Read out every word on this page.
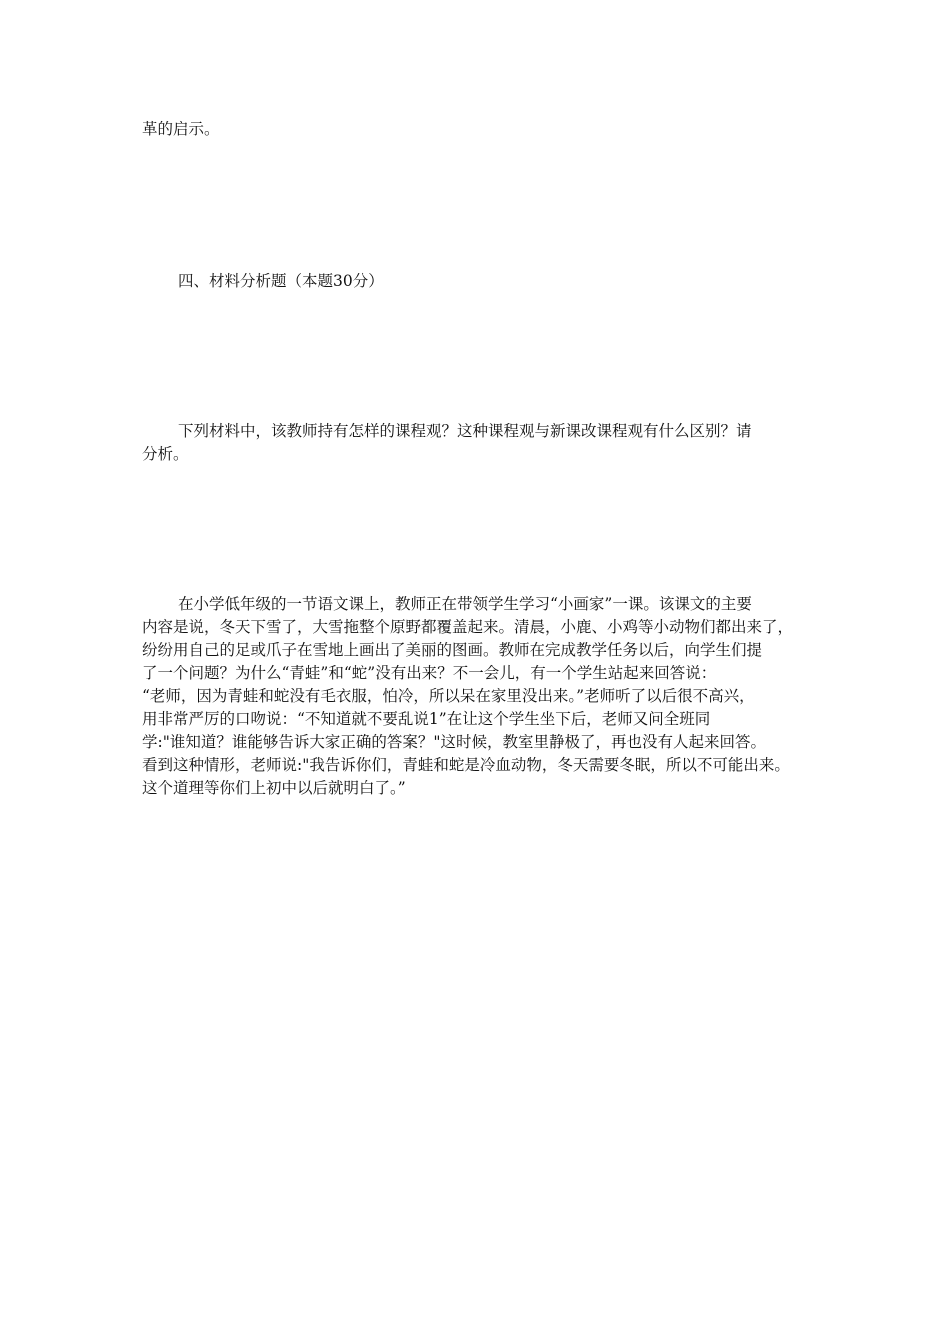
革的启示。

四、材料分析题（本题30分）

下列材料中，该教师持有怎样的课程观？这种课程观与新课改课程观有什么区别？请
分析。

在小学低年级的一节语文课上，教师正在带领学生学习“小画家”一课。该课文的主要
内容是说，冬天下雪了，大雪拖整个原野都覆盖起来。清晨，小鹿、小鸡等小动物们都出来了，
纷纷用自己的足或爪子在雪地上画出了美丽的图画。教师在完成教学任务以后，向学生们提
了一个问题？为什么“青蛙”和“蛇”没有出来？不一会儿，有一个学生站起来回答说：
“老师，因为青蛙和蛇没有毛衣服，怕冷，所以呆在家里没出来。”老师听了以后很不高兴，
用非常严厉的口吻说：“不知道就不要乱说1”在让这个学生坐下后，老师又问全班同
学:"谁知道？谁能够告诉大家正确的答案？"这时候，教室里静极了，再也没有人起来回答。
看到这种情形，老师说:"我告诉你们，青蛙和蛇是冷血动物，冬天需要冬眠，所以不可能出来。
这个道理等你们上初中以后就明白了。”
